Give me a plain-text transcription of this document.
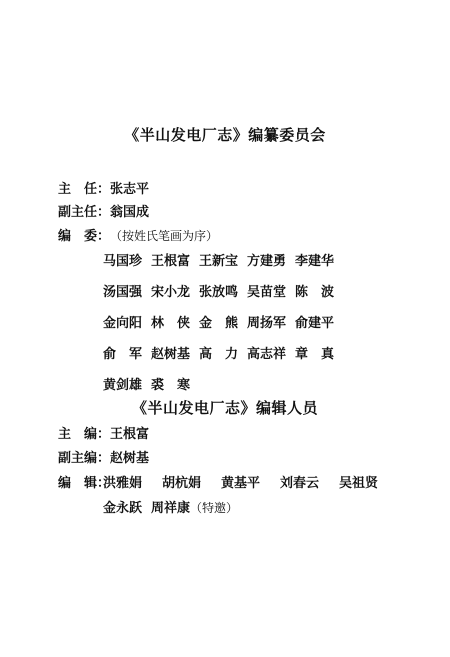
《半山发电厂志》编纂委员会
主　任：张志平
副主任：翁国成
编　委：（按姓氏笔画为序）
马国珍 王根富 王新宝 方建勇 李建华
汤国强 宋小龙 张放鸣 吴苗堂 陈　波
金向阳 林　侠 金　熊 周扬军 俞建平
俞　军 赵树基 高　力 高志祥 章　真
黄剑雄 裘　寒
《半山发电厂志》编辑人员
主　编：王根富
副主编：赵树基
编　辑：
洪雅娟	胡杭娟	黄基平	刘春云	吴祖贤
金永跃 周祥康（特邀）
